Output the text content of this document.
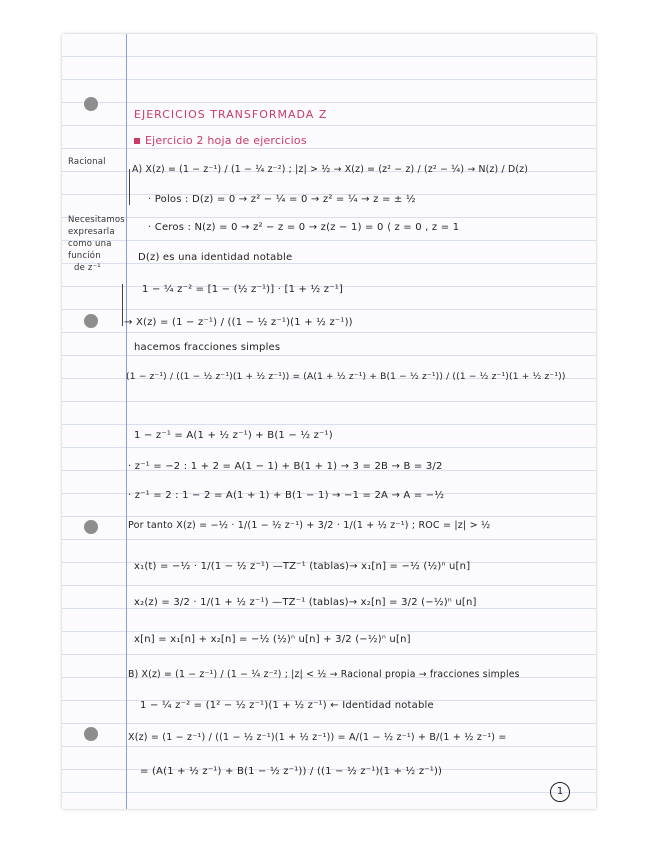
EJERCICIOS TRANSFORMADA Z
Ejercicio 2 hoja de ejercicios
Racional
Necesitamos
expresarla
como una
función
de z⁻¹
A) X(z) = (1 − z⁻¹) / (1 − ¼ z⁻²) ; |z| > ½ → X(z) = (z² − z) / (z² − ¼) → N(z) / D(z)
· Polos : D(z) = 0 → z² − ¼ = 0 → z² = ¼ → z = ± ½
· Ceros : N(z) = 0 → z² − z = 0 → z(z − 1) = 0 ⟨ z = 0 , z = 1
D(z) es una identidad notable
1 − ¼ z⁻² = [1 − (½ z⁻¹)] · [1 + ½ z⁻¹]
→ X(z) = (1 − z⁻¹) / ((1 − ½ z⁻¹)(1 + ½ z⁻¹))
hacemos fracciones simples
(1 − z⁻¹) / ((1 − ½ z⁻¹)(1 + ½ z⁻¹)) = (A(1 + ½ z⁻¹) + B(1 − ½ z⁻¹)) / ((1 − ½ z⁻¹)(1 + ½ z⁻¹))
1 − z⁻¹ = A(1 + ½ z⁻¹) + B(1 − ½ z⁻¹)
· z⁻¹ = −2 : 1 + 2 = A(1 − 1) + B(1 + 1) → 3 = 2B → B = 3/2
· z⁻¹ = 2 : 1 − 2 = A(1 + 1) + B(1 − 1) → −1 = 2A → A = −½
Por tanto X(z) = −½ · 1/(1 − ½ z⁻¹) + 3/2 · 1/(1 + ½ z⁻¹) ; ROC = |z| > ½
x₁(t) = −½ · 1/(1 − ½ z⁻¹) —TZ⁻¹ (tablas)→ x₁[n] = −½ (½)ⁿ u[n]
x₂(z) = 3/2 · 1/(1 + ½ z⁻¹) —TZ⁻¹ (tablas)→ x₂[n] = 3/2 (−½)ⁿ u[n]
x[n] = x₁[n] + x₂[n] = −½ (½)ⁿ u[n] + 3/2 (−½)ⁿ u[n]
B) X(z) = (1 − z⁻¹) / (1 − ¼ z⁻²) ; |z| < ½ → Racional propia → fracciones simples
1 − ¼ z⁻² = (1² − ½ z⁻¹)(1 + ½ z⁻¹) ← Identidad notable
X(z) = (1 − z⁻¹) / ((1 − ½ z⁻¹)(1 + ½ z⁻¹)) = A/(1 − ½ z⁻¹) + B/(1 + ½ z⁻¹) =
= (A(1 + ½ z⁻¹) + B(1 − ½ z⁻¹)) / ((1 − ½ z⁻¹)(1 + ½ z⁻¹))
1
